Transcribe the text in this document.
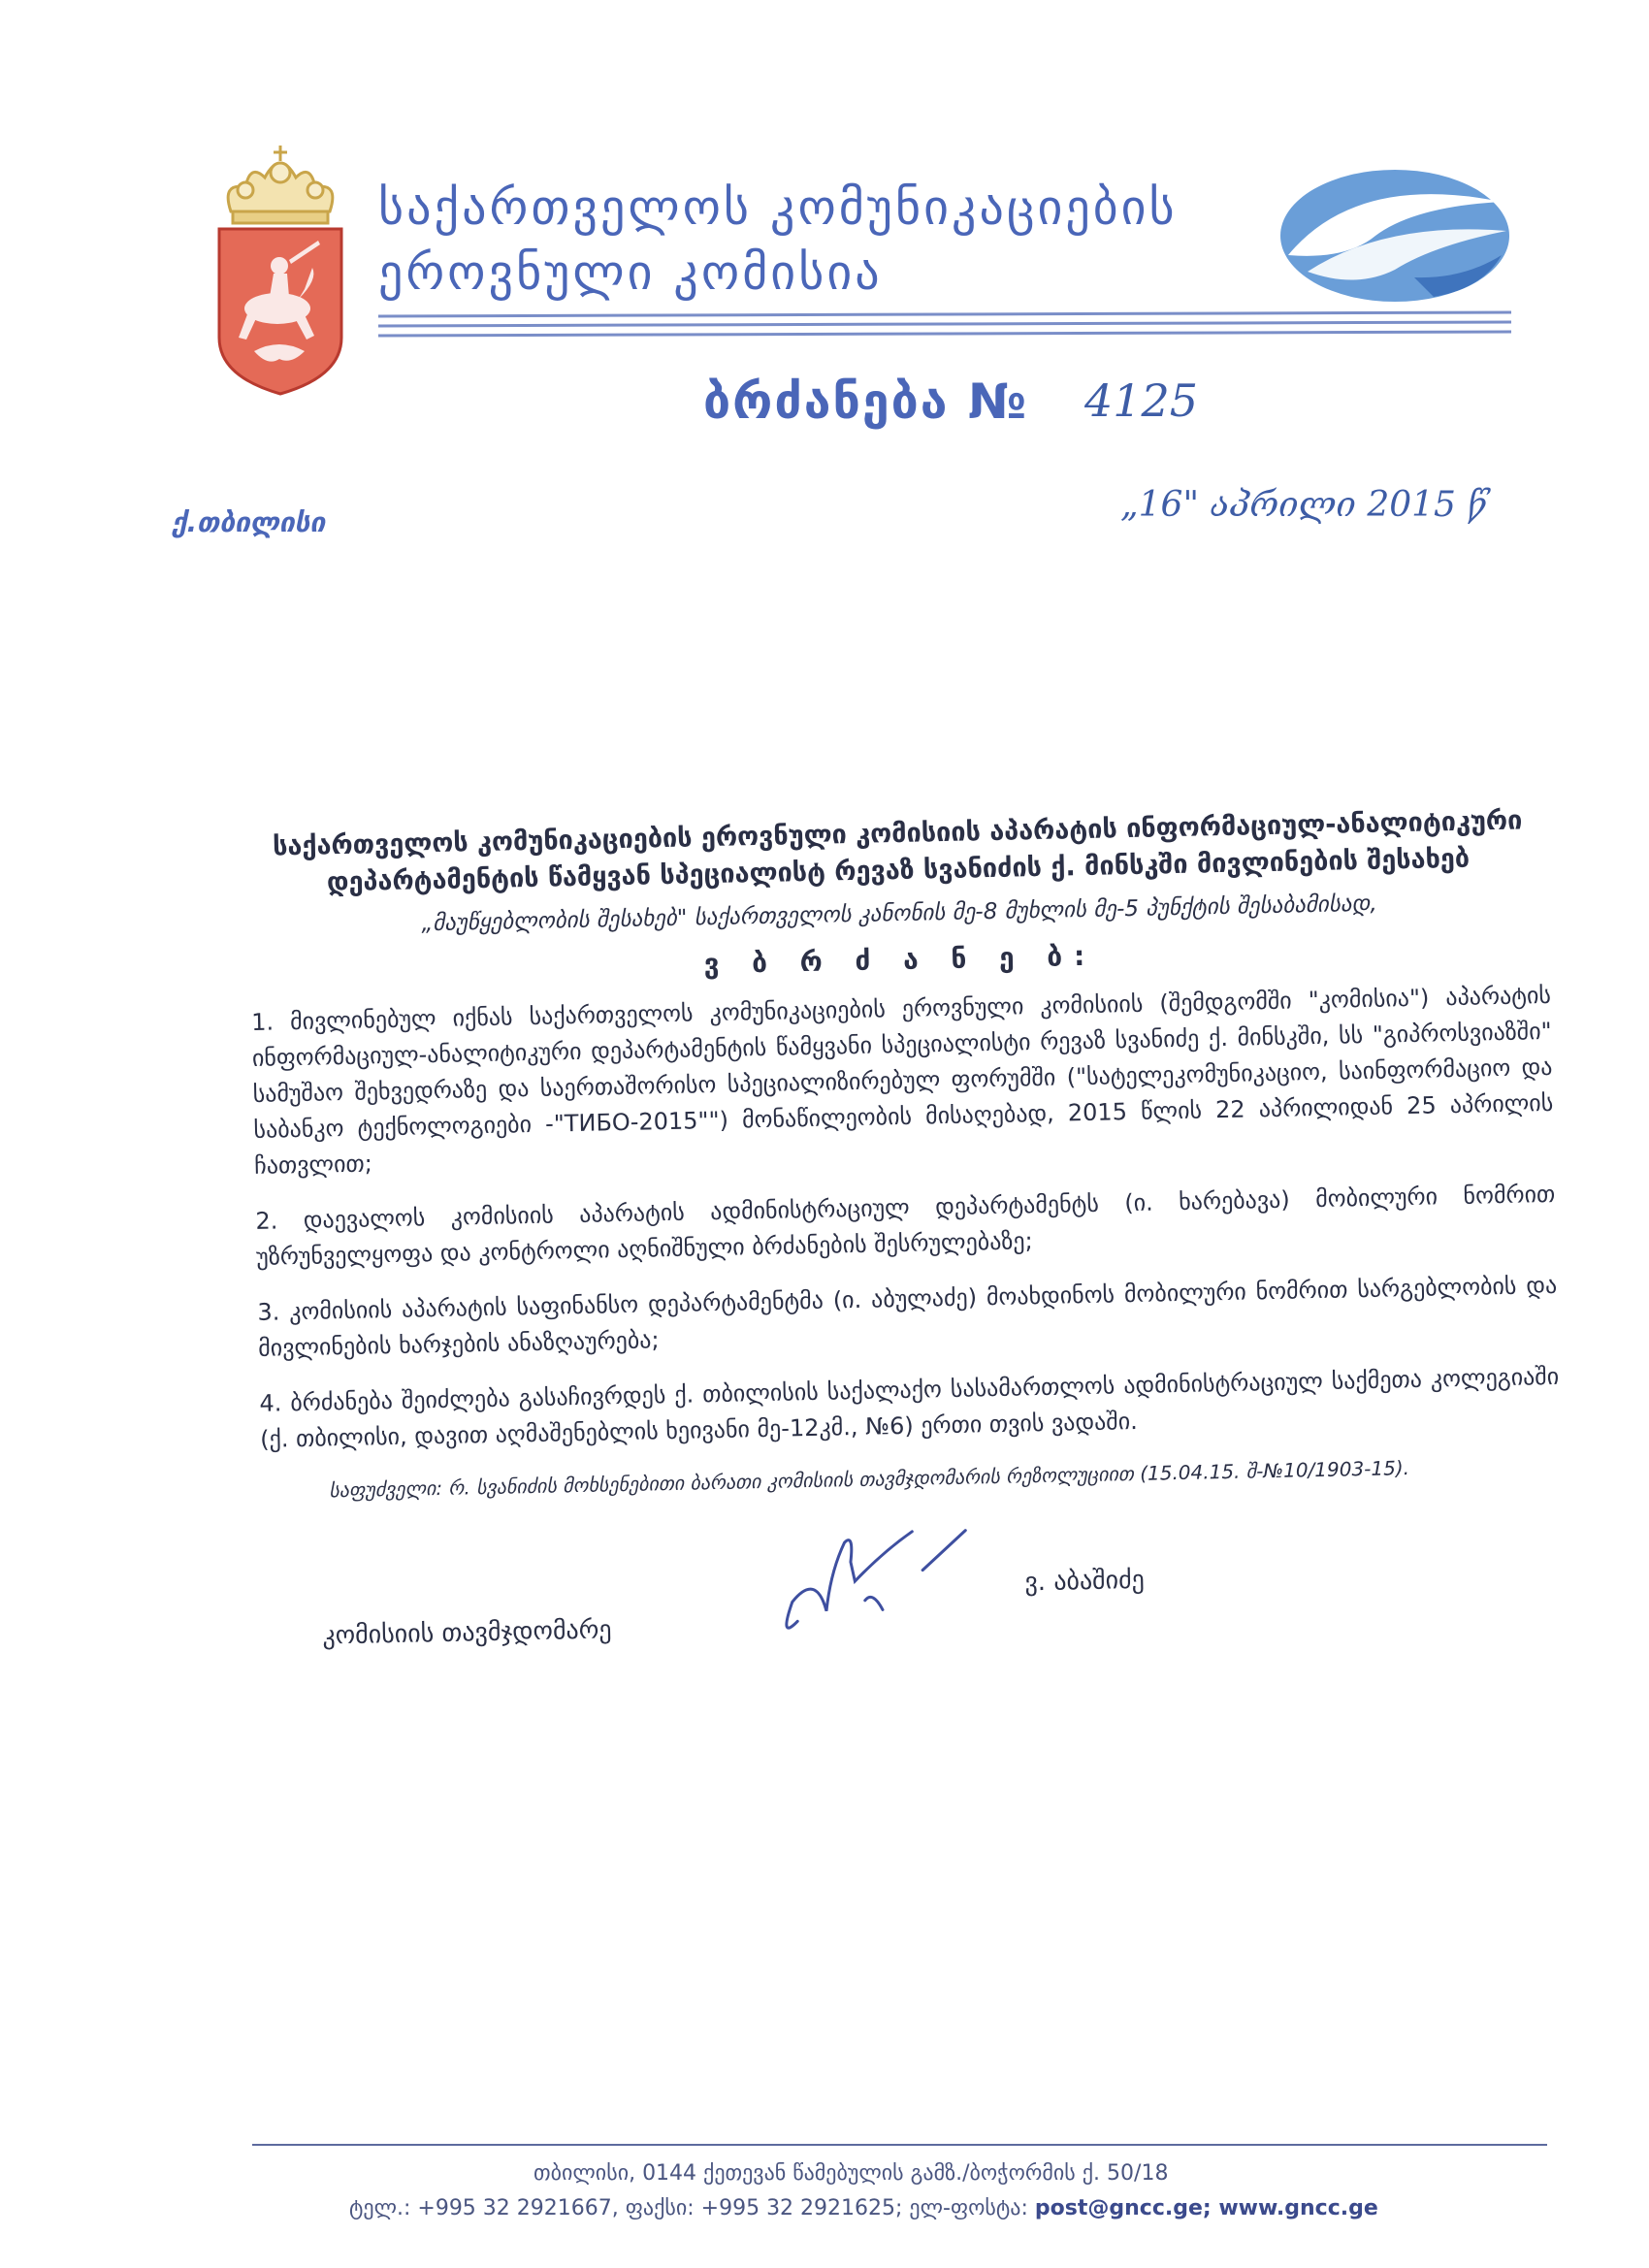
საქართველოს კომუნიკაციების
ეროვნული კომისია
ბრძანება № 4125
ქ.თბილისი	„16" აპრილი 2015 წ
საქართველოს კომუნიკაციების ეროვნული კომისიის აპარატის ინფორმაციულ-ანალიტიკური დეპარტამენტის წამყვან სპეციალისტ რევაზ სვანიძის ქ. მინსკში მივლინების შესახებ
„მაუწყებლობის შესახებ" საქართველოს კანონის მე-8 მუხლის მე-5 პუნქტის შესაბამისად,
ვ ბ რ ძ ა ნ ე ბ:
1. მივლინებულ იქნას საქართველოს კომუნიკაციების ეროვნული კომისიის (შემდგომში "კომისია") აპარატის ინფორმაციულ-ანალიტიკური დეპარტამენტის წამყვანი სპეციალისტი რევაზ სვანიძე ქ. მინსკში, სს "გიპროსვიაზში" სამუშაო შეხვედრაზე და საერთაშორისო სპეციალიზირებულ ფორუმში ("სატელეკომუნიკაციო, საინფორმაციო და საბანკო ტექნოლოგიები -"ТИБО-2015"") მონაწილეობის მისაღებად, 2015 წლის 22 აპრილიდან 25 აპრილის ჩათვლით;
2. დაევალოს კომისიის აპარატის ადმინისტრაციულ დეპარტამენტს (ი. ხარებავა) მობილური ნომრით უზრუნველყოფა და კონტროლი აღნიშნული ბრძანების შესრულებაზე;
3. კომისიის აპარატის საფინანსო დეპარტამენტმა (ი. აბულაძე) მოახდინოს მობილური ნომრით სარგებლობის და მივლინების ხარჯების ანაზღაურება;
4. ბრძანება შეიძლება გასაჩივრდეს ქ. თბილისის საქალაქო სასამართლოს ადმინისტრაციულ საქმეთა კოლეგიაში (ქ. თბილისი, დავით აღმაშენებლის ხეივანი მე-12კმ., №6) ერთი თვის ვადაში.
საფუძველი: რ. სვანიძის მოხსენებითი ბარათი კომისიის თავმჯდომარის რეზოლუციით (15.04.15. შ-№10/1903-15).
კომისიის თავმჯდომარე
ვ. აბაშიძე
თბილისი, 0144 ქეთევან წამებულის გამზ./ბოჭორმის ქ. 50/18
ტელ.: +995 32 2921667, ფაქსი: +995 32 2921625; ელ-ფოსტა: post@gncc.ge; www.gncc.ge
